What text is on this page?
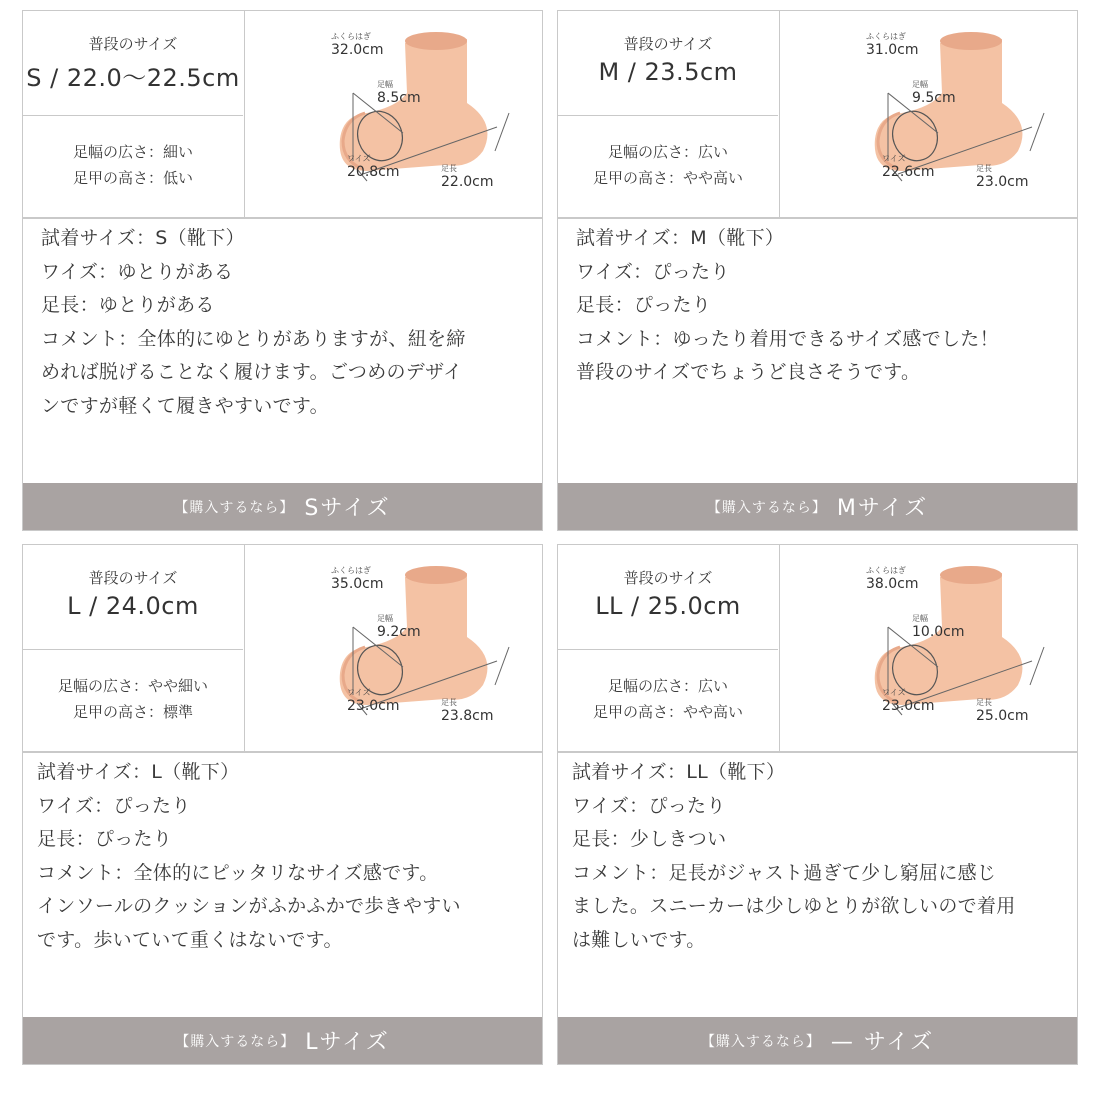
普段のサイズ
S / 22.0〜22.5cm
足幅の広さ：細い
足甲の高さ：低い
ふくらはぎ
32.0cm
足幅
8.5cm
ワイズ
20.8cm	足長
22.0cm
試着サイズ：S（靴下）
ワイズ：ゆとりがある
足長：ゆとりがある
コメント：全体的にゆとりがありますが、紐を締
めれば脱げることなく履けます。ごつめのデザイ
ンですが軽くて履きやすいです。
【購入するなら】 Sサイズ
普段のサイズ
M / 23.5cm
足幅の広さ：広い
足甲の高さ：やや高い
ふくらはぎ
31.0cm
足幅
9.5cm
ワイズ
22.6cm	足長
23.0cm
試着サイズ：M（靴下）
ワイズ：ぴったり
足長：ぴったり
コメント：ゆったり着用できるサイズ感でした！
普段のサイズでちょうど良さそうです。
【購入するなら】 Mサイズ
普段のサイズ
L / 24.0cm
足幅の広さ：やや細い
足甲の高さ：標準
ふくらはぎ
35.0cm
足幅
9.2cm
ワイズ
23.0cm	足長
23.8cm
試着サイズ：L（靴下）
ワイズ：ぴったり
足長：ぴったり
コメント：全体的にピッタリなサイズ感です。
インソールのクッションがふかふかで歩きやすい
です。歩いていて重くはないです。
【購入するなら】 Lサイズ
普段のサイズ
LL / 25.0cm
足幅の広さ：広い
足甲の高さ：やや高い
ふくらはぎ
38.0cm
足幅
10.0cm
ワイズ
23.0cm	足長
25.0cm
試着サイズ：LL（靴下）
ワイズ：ぴったり
足長：少しきつい
コメント：足長がジャスト過ぎて少し窮屈に感じ
ました。スニーカーは少しゆとりが欲しいので着用
は難しいです。
【購入するなら】 — サイズ
